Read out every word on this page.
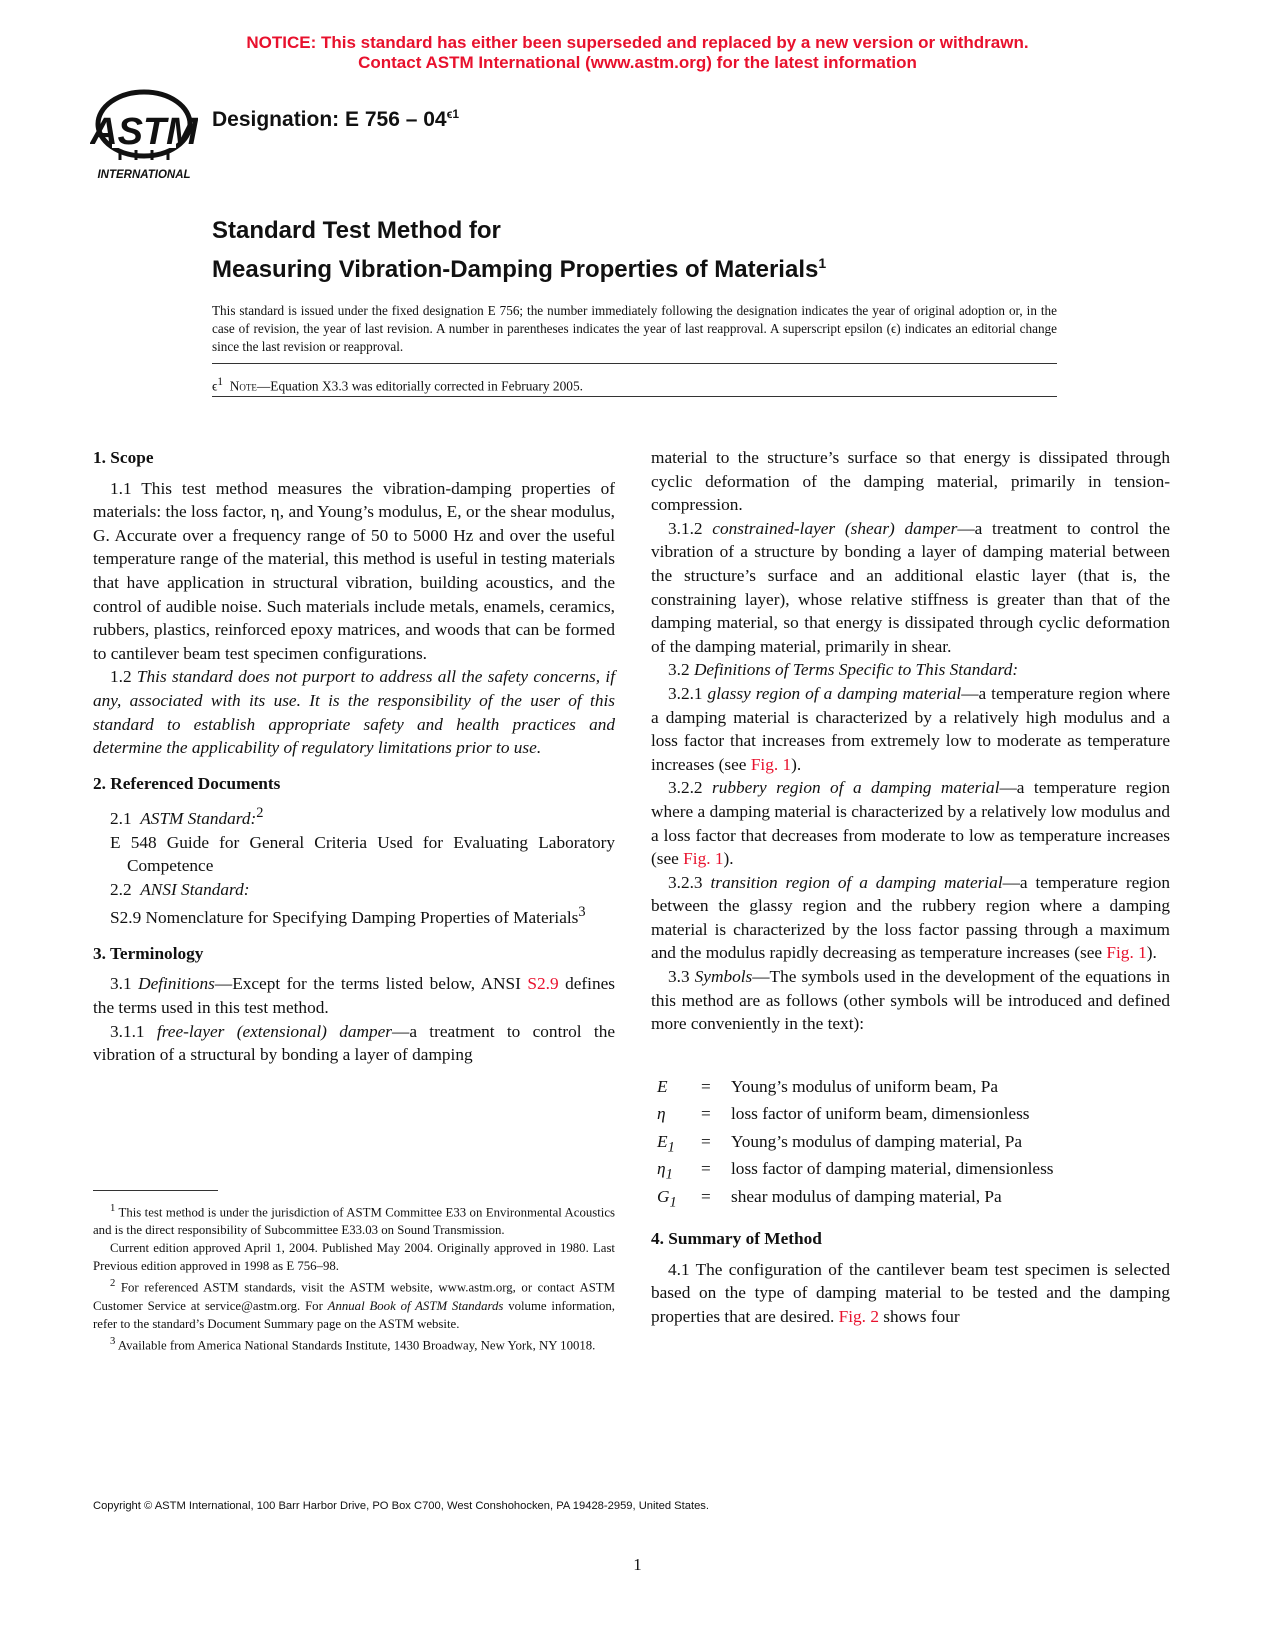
NOTICE: This standard has either been superseded and replaced by a new version or withdrawn.
Contact ASTM International (www.astm.org) for the latest information
ASTM
INTERNATIONAL
Designation: E $756 - 04^{\epsilon 1}$
Standard Test Method for
Measuring Vibration-Damping Properties of Materials$^1$
This standard is issued under the fixed designation E 756; the number immediately following the designation indicates the year of original adoption or, in the case of revision, the year of last revision. A number in parentheses indicates the year of last reapproval. A superscript epsilon (ϵ) indicates an editorial change since the last revision or reapproval.
$\epsilon^1$ Note—Equation X3.3 was editorially corrected in February 2005.

1. Scope

1.1 This test method measures the vibration-damping properties of materials: the loss factor, η, and Young’s modulus, E, or the shear modulus, G. Accurate over a frequency range of 50 to 5000 Hz and over the useful temperature range of the material, this method is useful in testing materials that have application in structural vibration, building acoustics, and the control of audible noise. Such materials include metals, enamels, ceramics, rubbers, plastics, reinforced epoxy matrices, and woods that can be formed to cantilever beam test specimen configurations.

1.2 This standard does not purport to address all the safety concerns, if any, associated with its use. It is the responsibility of the user of this standard to establish appropriate safety and health practices and determine the applicability of regulatory limitations prior to use.

2. Referenced Documents

2.1 ASTM Standard:$^2$

E 548 Guide for General Criteria Used for Evaluating Laboratory Competence

2.2 ANSI Standard:

S2.9 Nomenclature for Specifying Damping Properties of Materials$^3$

3. Terminology

3.1 Definitions—Except for the terms listed below, ANSI S2.9 defines the terms used in this test method.

3.1.1 free-layer (extensional) damper—a treatment to control the vibration of a structural by bonding a layer of damping

$^1$ This test method is under the jurisdiction of ASTM Committee E33 on Environmental Acoustics and is the direct responsibility of Subcommittee E33.03 on Sound Transmission.

Current edition approved April 1, 2004. Published May 2004. Originally approved in 1980. Last Previous edition approved in 1998 as E 756–98.

$^2$ For referenced ASTM standards, visit the ASTM website, www.astm.org, or contact ASTM Customer Service at service@astm.org. For Annual Book of ASTM Standards volume information, refer to the standard’s Document Summary page on the ASTM website.

$^3$ Available from America National Standards Institute, 1430 Broadway, New York, NY 10018.

material to the structure’s surface so that energy is dissipated through cyclic deformation of the damping material, primarily in tension-compression.

3.1.2 constrained-layer (shear) damper—a treatment to control the vibration of a structure by bonding a layer of damping material between the structure’s surface and an additional elastic layer (that is, the constraining layer), whose relative stiffness is greater than that of the damping material, so that energy is dissipated through cyclic deformation of the damping material, primarily in shear.

3.2 Definitions of Terms Specific to This Standard:

3.2.1 glassy region of a damping material—a temperature region where a damping material is characterized by a relatively high modulus and a loss factor that increases from extremely low to moderate as temperature increases (see Fig. 1).

3.2.2 rubbery region of a damping material—a temperature region where a damping material is characterized by a relatively low modulus and a loss factor that decreases from moderate to low as temperature increases (see Fig. 1).

3.2.3 transition region of a damping material—a temperature region between the glassy region and the rubbery region where a damping material is characterized by the loss factor passing through a maximum and the modulus rapidly decreasing as temperature increases (see Fig. 1).

3.3 Symbols—The symbols used in the development of the equations in this method are as follows (other symbols will be introduced and defined more conveniently in the text):

E	=	Young’s modulus of uniform beam, Pa
η	=	loss factor of uniform beam, dimensionless
$E_1$	=	Young’s modulus of damping material, Pa
$\eta_1$	=	loss factor of damping material, dimensionless
$G_1$	=	shear modulus of damping material, Pa

4. Summary of Method

4.1 The configuration of the cantilever beam test specimen is selected based on the type of damping material to be tested and the damping properties that are desired. Fig. 2 shows four

Copyright © ASTM International, 100 Barr Harbor Drive, PO Box C700, West Conshohocken, PA 19428-2959, United States.
1
